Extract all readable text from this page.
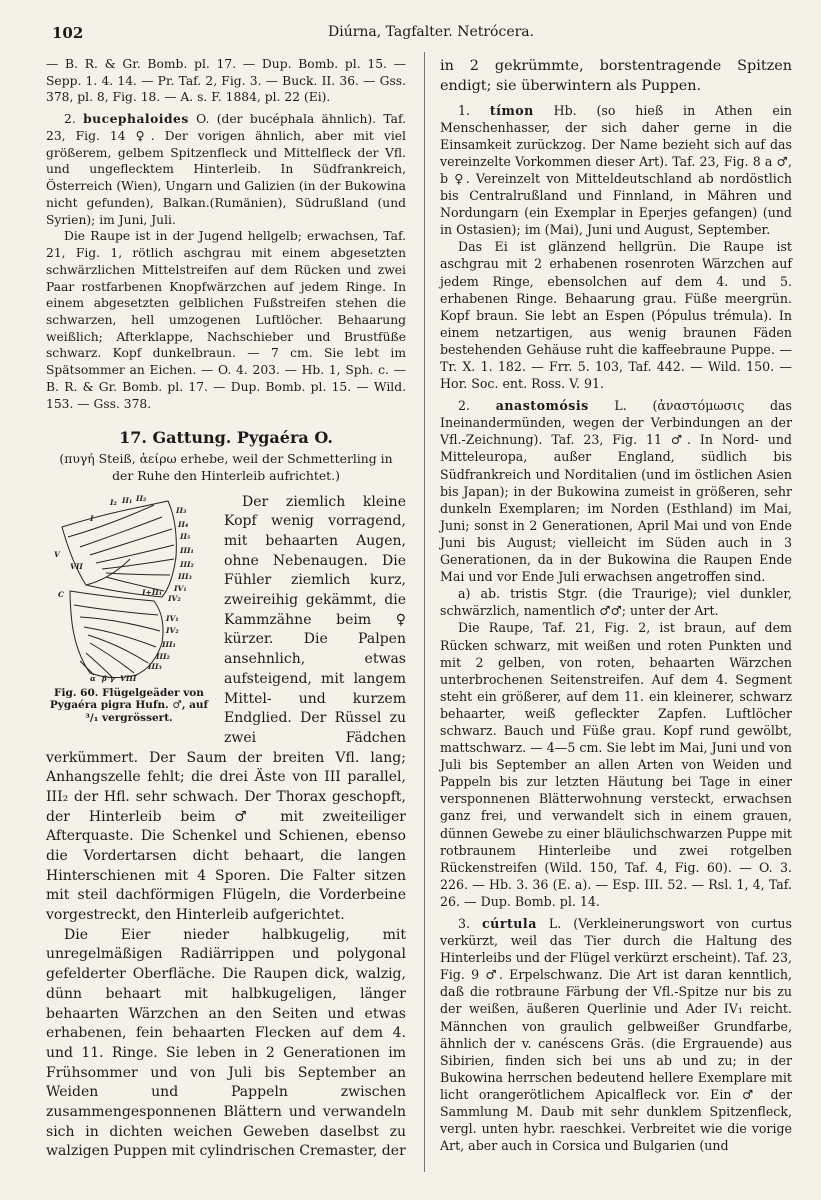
102	Diúrna, Tagfalter. Netrócera.

— B. R. & Gr. Bomb. pl. 17. — Dup. Bomb. pl. 15. — Sepp. 1. 4. 14. — Pr. Taf. 2, Fig. 3. — Buck. II. 36. — Gss. 378, pl. 8, Fig. 18. — A. s. F. 1884, pl. 22 (Ei).

2. bucephaloides O. (der bucéphala ähnlich). Taf. 23, Fig. 14 ♀. Der vorigen ähnlich, aber mit viel größerem, gelbem Spitzenfleck und Mittelfleck der Vfl. und ungeflecktem Hinterleib. In Südfrankreich, Österreich (Wien), Ungarn und Galizien (in der Bukowina nicht gefunden), Balkan.(Rumänien), Südrußland (und Syrien); im Juni, Juli.

Die Raupe ist in der Jugend hellgelb; erwachsen, Taf. 21, Fig. 1, rötlich aschgrau mit einem abgesetzten schwärzlichen Mittelstreifen auf dem Rücken und zwei Paar rostfarbenen Knopfwärzchen auf jedem Ringe. In einem abgesetzten gelblichen Fußstreifen stehen die schwarzen, hell umzogenen Luftlöcher. Behaarung weißlich; Afterklappe, Nachschieber und Brustfüße schwarz. Kopf dunkelbraun. — 7 cm. Sie lebt im Spätsommer an Eichen. — O. 4. 203. — Hb. 1, Sph. c. — B. R. & Gr. Bomb. pl. 17. — Dup. Bomb. pl. 15. — Wild. 153. — Gss. 378.

17. Gattung. Pygaéra O.

(πυγή Steiß, ἀείρω erhebe, weil der Schmetterling in der Ruhe den Hinterleib aufrichtet.)

I₂ II₁ II₂
I
II₃
II₄
II₅
III₁
III₂
III₃
IV₁
IV₂
V
VII
C	I+II₁
IV₁
IV₂
III₁
III₂
III₃
VIII
α β γ
Fig. 60. Flügelgeäder von Pygaéra pigra Hufn. ♂, auf ³/₁ vergrössert.

Der ziemlich kleine Kopf wenig vorragend, mit behaarten Augen, ohne Nebenaugen. Die Fühler ziemlich kurz, zweireihig gekämmt, die Kammzähne beim ♀ kürzer. Die Palpen ansehnlich, etwas aufsteigend, mit langem Mittel- und kurzem Endglied. Der Rüssel zu zwei Fädchen verkümmert. Der Saum der breiten Vfl. lang; Anhangszelle fehlt; die drei Äste von III parallel, III₂ der Hfl. sehr schwach. Der Thorax geschopft, der Hinterleib beim ♂ mit zweiteiliger Afterquaste. Die Schenkel und Schienen, ebenso die Vordertarsen dicht behaart, die langen Hinterschienen mit 4 Sporen. Die Falter sitzen mit steil dachförmigen Flügeln, die Vorderbeine vorgestreckt, den Hinterleib aufgerichtet.

Die Eier nieder halbkugelig, mit unregelmäßigen Radiärrippen und polygonal gefelderter Oberfläche. Die Raupen dick, walzig, dünn behaart mit halbkugeligen, länger behaarten Wärzchen an den Seiten und etwas erhabenen, fein behaarten Flecken auf dem 4. und 11. Ringe. Sie leben in 2 Generationen im Frühsommer und von Juli bis September an Weiden und Pappeln zwischen zusammengesponnenen Blättern und verwandeln sich in dichten weichen Geweben daselbst zu walzigen Puppen mit cylindrischen Cremaster, der

in 2 gekrümmte, borstentragende Spitzen endigt; sie überwintern als Puppen.

1. tímon Hb. (so hieß in Athen ein Menschenhasser, der sich daher gerne in die Einsamkeit zurückzog. Der Name bezieht sich auf das vereinzelte Vorkommen dieser Art). Taf. 23, Fig. 8 a ♂, b ♀. Vereinzelt von Mitteldeutschland ab nordöstlich bis Centralrußland und Finnland, in Mähren und Nordungarn (ein Exemplar in Eperjes gefangen) (und in Ostasien); im (Mai), Juni und August, September.

Das Ei ist glänzend hellgrün. Die Raupe ist aschgrau mit 2 erhabenen rosenroten Wärzchen auf jedem Ringe, ebensolchen auf dem 4. und 5. erhabenen Ringe. Behaarung grau. Füße meergrün. Kopf braun. Sie lebt an Espen (Pópulus trémula). In einem netzartigen, aus wenig braunen Fäden bestehenden Gehäuse ruht die kaffeebraune Puppe. — Tr. X. 1. 182. — Frr. 5. 103, Taf. 442. — Wild. 150. — Hor. Soc. ent. Ross. V. 91.

2. anastomósis L. (ἀναστόμωσις das Ineinandermünden, wegen der Verbindungen an der Vfl.-Zeichnung). Taf. 23, Fig. 11 ♂. In Nord- und Mitteleuropa, außer England, südlich bis Südfrankreich und Norditalien (und im östlichen Asien bis Japan); in der Bukowina zumeist in größeren, sehr dunkeln Exemplaren; im Norden (Esthland) im Mai, Juni; sonst in 2 Generationen, April Mai und von Ende Juni bis August; vielleicht im Süden auch in 3 Generationen, da in der Bukowina die Raupen Ende Mai und vor Ende Juli erwachsen angetroffen sind.

a) ab. tristis Stgr. (die Traurige); viel dunkler, schwärzlich, namentlich ♂♂; unter der Art.

Die Raupe, Taf. 21, Fig. 2, ist braun, auf dem Rücken schwarz, mit weißen und roten Punkten und mit 2 gelben, von roten, behaarten Wärzchen unterbrochenen Seitenstreifen. Auf dem 4. Segment steht ein größerer, auf dem 11. ein kleinerer, schwarz behaarter, weiß gefleckter Zapfen. Luftlöcher schwarz. Bauch und Füße grau. Kopf rund gewölbt, mattschwarz. — 4—5 cm. Sie lebt im Mai, Juni und von Juli bis September an allen Arten von Weiden und Pappeln bis zur letzten Häutung bei Tage in einer versponnenen Blätterwohnung versteckt, erwachsen ganz frei, und verwandelt sich in einem grauen, dünnen Gewebe zu einer bläulichschwarzen Puppe mit rotbraunem Hinterleibe und zwei rotgelben Rückenstreifen (Wild. 150, Taf. 4, Fig. 60). — O. 3. 226. — Hb. 3. 36 (E. a). — Esp. III. 52. — Rsl. 1, 4, Taf. 26. — Dup. Bomb. pl. 14.

3. cúrtula L. (Verkleinerungswort von curtus verkürzt, weil das Tier durch die Haltung des Hinterleibs und der Flügel verkürzt erscheint). Taf. 23, Fig. 9 ♂. Erpelschwanz. Die Art ist daran kenntlich, daß die rotbraune Färbung der Vfl.-Spitze nur bis zu der weißen, äußeren Querlinie und Ader IV₁ reicht. Männchen von graulich gelbweißer Grundfarbe, ähnlich der v. canéscens Gräs. (die Ergrauende) aus Sibirien, finden sich bei uns ab und zu; in der Bukowina herrschen bedeutend hellere Exemplare mit licht orangerötlichem Apicalfleck vor. Ein ♂ der Sammlung M. Daub mit sehr dunklem Spitzenfleck, vergl. unten hybr. raeschkei. Verbreitet wie die vorige Art, aber auch in Corsica und Bulgarien (und
